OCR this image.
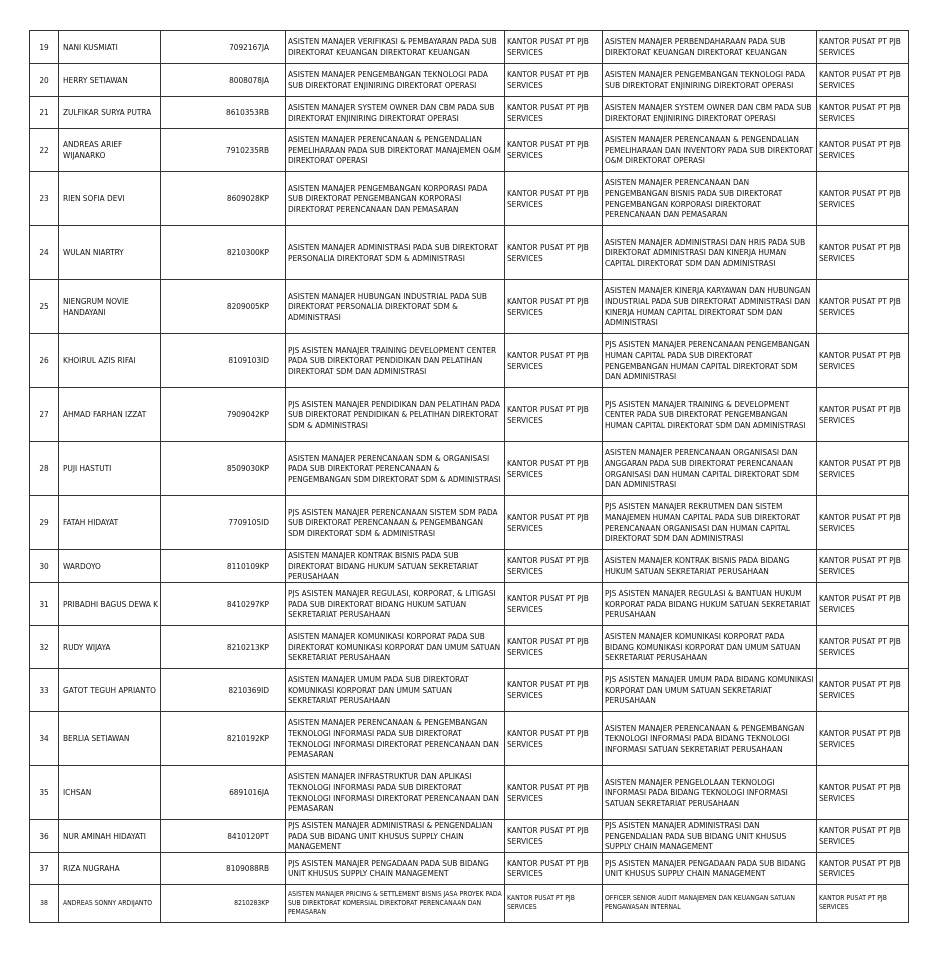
19	NANI KUSMIATI	7092167JA	ASISTEN MANAJER VERIFIKASI & PEMBAYARAN PADA SUB DIREKTORAT KEUANGAN DIREKTORAT KEUANGAN	KANTOR PUSAT PT PJB SERVICES	ASISTEN MANAJER PERBENDAHARAAN PADA SUB DIREKTORAT KEUANGAN DIREKTORAT KEUANGAN	KANTOR PUSAT PT PJB SERVICES
20	HERRY SETIAWAN	8008078JA	ASISTEN MANAJER PENGEMBANGAN TEKNOLOGI PADA SUB DIREKTORAT ENJINIRING DIREKTORAT OPERASI	KANTOR PUSAT PT PJB SERVICES	ASISTEN MANAJER PENGEMBANGAN TEKNOLOGI PADA SUB DIREKTORAT ENJINIRING DIREKTORAT OPERASI	KANTOR PUSAT PT PJB SERVICES
21	ZULFIKAR SURYA PUTRA	8610353RB	ASISTEN MANAJER SYSTEM OWNER DAN CBM PADA SUB DIREKTORAT ENJINIRING DIREKTORAT OPERASI	KANTOR PUSAT PT PJB SERVICES	ASISTEN MANAJER SYSTEM OWNER DAN CBM PADA SUB DIREKTORAT ENJINIRING DIREKTORAT OPERASI	KANTOR PUSAT PT PJB SERVICES
22	ANDREAS ARIEF WIJANARKO	7910235RB	ASISTEN MANAJER PERENCANAAN & PENGENDALIAN PEMELIHARAAN PADA SUB DIREKTORAT MANAJEMEN O&M DIREKTORAT OPERASI	KANTOR PUSAT PT PJB SERVICES	ASISTEN MANAJER PERENCANAAN & PENGENDALIAN PEMELIHARAAN DAN INVENTORY PADA SUB DIREKTORAT O&M DIREKTORAT OPERASI	KANTOR PUSAT PT PJB SERVICES
23	RIEN SOFIA DEVI	8609028KP	ASISTEN MANAJER PENGEMBANGAN KORPORASI PADA SUB DIREKTORAT PENGEMBANGAN KORPORASI DIREKTORAT PERENCANAAN DAN PEMASARAN	KANTOR PUSAT PT PJB SERVICES	ASISTEN MANAJER PERENCANAAN DAN PENGEMBANGAN BISNIS PADA SUB DIREKTORAT PENGEMBANGAN KORPORASI DIREKTORAT PERENCANAAN DAN PEMASARAN	KANTOR PUSAT PT PJB SERVICES
24	WULAN NIARTRY	8210300KP	ASISTEN MANAJER ADMINISTRASI PADA SUB DIREKTORAT PERSONALIA DIREKTORAT SDM & ADMINISTRASI	KANTOR PUSAT PT PJB SERVICES	ASISTEN MANAJER ADMINISTRASI DAN HRIS PADA SUB DIREKTORAT ADMINISTRASI DAN KINERJA HUMAN CAPITAL DIREKTORAT SDM DAN ADMINISTRASI	KANTOR PUSAT PT PJB SERVICES
25	NIENGRUM NOVIE HANDAYANI	8209005KP	ASISTEN MANAJER HUBUNGAN INDUSTRIAL PADA SUB DIREKTORAT PERSONALIA DIREKTORAT SDM & ADMINISTRASI	KANTOR PUSAT PT PJB SERVICES	ASISTEN MANAJER KINERJA KARYAWAN DAN HUBUNGAN INDUSTRIAL PADA SUB DIREKTORAT ADMINISTRASI DAN KINERJA HUMAN CAPITAL DIREKTORAT SDM DAN ADMINISTRASI	KANTOR PUSAT PT PJB SERVICES
26	KHOIRUL AZIS RIFAI	8109103ID	PJS ASISTEN MANAJER TRAINING DEVELOPMENT CENTER PADA SUB DIREKTORAT PENDIDIKAN DAN PELATIHAN DIREKTORAT SDM DAN ADMINISTRASI	KANTOR PUSAT PT PJB SERVICES	PJS ASISTEN MANAJER PERENCANAAN PENGEMBANGAN HUMAN CAPITAL PADA SUB DIREKTORAT PENGEMBANGAN HUMAN CAPITAL DIREKTORAT SDM DAN ADMINISTRASI	KANTOR PUSAT PT PJB SERVICES
27	AHMAD FARHAN IZZAT	7909042KP	PJS ASISTEN MANAJER PENDIDIKAN DAN PELATIHAN PADA SUB DIREKTORAT PENDIDIKAN & PELATIHAN DIREKTORAT SDM & ADMINISTRASI	KANTOR PUSAT PT PJB SERVICES	PJS ASISTEN MANAJER TRAINING & DEVELOPMENT CENTER PADA SUB DIREKTORAT PENGEMBANGAN HUMAN CAPITAL DIREKTORAT SDM DAN ADMINISTRASI	KANTOR PUSAT PT PJB SERVICES
28	PUJI HASTUTI	8509030KP	ASISTEN MANAJER PERENCANAAN SDM & ORGANISASI PADA SUB DIREKTORAT PERENCANAAN & PENGEMBANGAN SDM DIREKTORAT SDM & ADMINISTRASI	KANTOR PUSAT PT PJB SERVICES	ASISTEN MANAJER PERENCANAAN ORGANISASI DAN ANGGARAN PADA SUB DIREKTORAT PERENCANAAN ORGANISASI DAN HUMAN CAPITAL DIREKTORAT SDM DAN ADMINISTRASI	KANTOR PUSAT PT PJB SERVICES
29	FATAH HIDAYAT	7709105ID	PJS ASISTEN MANAJER PERENCANAAN SISTEM SDM PADA SUB DIREKTORAT PERENCANAAN & PENGEMBANGAN SDM DIREKTORAT SDM & ADMINISTRASI	KANTOR PUSAT PT PJB SERVICES	PJS ASISTEN MANAJER REKRUTMEN DAN SISTEM MANAJEMEN HUMAN CAPITAL PADA SUB DIREKTORAT PERENCANAAN ORGANISASI DAN HUMAN CAPITAL DIREKTORAT SDM DAN ADMINISTRASI	KANTOR PUSAT PT PJB SERVICES
30	WARDOYO	8110109KP	ASISTEN MANAJER KONTRAK BISNIS PADA SUB DIREKTORAT BIDANG HUKUM SATUAN SEKRETARIAT PERUSAHAAN	KANTOR PUSAT PT PJB SERVICES	ASISTEN MANAJER KONTRAK BISNIS PADA BIDANG HUKUM SATUAN SEKRETARIAT PERUSAHAAN	KANTOR PUSAT PT PJB SERVICES
31	PRIBADHI BAGUS DEWA K	8410297KP	PJS ASISTEN MANAJER REGULASI, KORPORAT, & LITIGASI PADA SUB DIREKTORAT BIDANG HUKUM SATUAN SEKRETARIAT PERUSAHAAN	KANTOR PUSAT PT PJB SERVICES	PJS ASISTEN MANAJER REGULASI & BANTUAN HUKUM KORPORAT PADA BIDANG HUKUM SATUAN SEKRETARIAT PERUSAHAAN	KANTOR PUSAT PT PJB SERVICES
32	RUDY WIJAYA	8210213KP	ASISTEN MANAJER KOMUNIKASI KORPORAT PADA SUB DIREKTORAT KOMUNIKASI KORPORAT DAN UMUM SATUAN SEKRETARIAT PERUSAHAAN	KANTOR PUSAT PT PJB SERVICES	ASISTEN MANAJER KOMUNIKASI KORPORAT PADA BIDANG KOMUNIKASI KORPORAT DAN UMUM SATUAN SEKRETARIAT PERUSAHAAN	KANTOR PUSAT PT PJB SERVICES
33	GATOT TEGUH APRIANTO	8210369ID	ASISTEN MANAJER UMUM PADA SUB DIREKTORAT KOMUNIKASI KORPORAT DAN UMUM SATUAN SEKRETARIAT PERUSAHAAN	KANTOR PUSAT PT PJB SERVICES	PJS ASISTEN MANAJER UMUM PADA BIDANG KOMUNIKASI KORPORAT DAN UMUM SATUAN SEKRETARIAT PERUSAHAAN	KANTOR PUSAT PT PJB SERVICES
34	BERLIA SETIAWAN	8210192KP	ASISTEN MANAJER PERENCANAAN & PENGEMBANGAN TEKNOLOGI INFORMASI PADA SUB DIREKTORAT TEKNOLOGI INFORMASI DIREKTORAT PERENCANAAN DAN PEMASARAN	KANTOR PUSAT PT PJB SERVICES	ASISTEN MANAJER PERENCANAAN & PENGEMBANGAN TEKNOLOGI INFORMASI PADA BIDANG TEKNOLOGI INFORMASI SATUAN SEKRETARIAT PERUSAHAAN	KANTOR PUSAT PT PJB SERVICES
35	ICHSAN	6891016JA	ASISTEN MANAJER INFRASTRUKTUR DAN APLIKASI TEKNOLOGI INFORMASI PADA SUB DIREKTORAT TEKNOLOGI INFORMASI DIREKTORAT PERENCANAAN DAN PEMASARAN	KANTOR PUSAT PT PJB SERVICES	ASISTEN MANAJER PENGELOLAAN TEKNOLOGI INFORMASI PADA BIDANG TEKNOLOGI INFORMASI SATUAN SEKRETARIAT PERUSAHAAN	KANTOR PUSAT PT PJB SERVICES
36	NUR AMINAH HIDAYATI	8410120PT	PJS ASISTEN MANAJER ADMINISTRASI & PENGENDALIAN PADA SUB BIDANG UNIT KHUSUS SUPPLY CHAIN MANAGEMENT	KANTOR PUSAT PT PJB SERVICES	PJS ASISTEN MANAJER ADMINISTRASI DAN PENGENDALIAN PADA SUB BIDANG UNIT KHUSUS SUPPLY CHAIN MANAGEMENT	KANTOR PUSAT PT PJB SERVICES
37	RIZA NUGRAHA	8109088RB	PJS ASISTEN MANAJER PENGADAAN PADA SUB BIDANG UNIT KHUSUS SUPPLY CHAIN MANAGEMENT	KANTOR PUSAT PT PJB SERVICES	PJS ASISTEN MANAJER PENGADAAN PADA SUB BIDANG UNIT KHUSUS SUPPLY CHAIN MANAGEMENT	KANTOR PUSAT PT PJB SERVICES
38	ANDREAS SONNY ARDIJANTO	8210283KP	ASISTEN MANAJER PRICING & SETTLEMENT BISNIS JASA PROYEK PADA SUB DIREKTORAT KOMERSIAL DIREKTORAT PERENCANAAN DAN PEMASARAN	KANTOR PUSAT PT PJB SERVICES	OFFICER SENIOR AUDIT MANAJEMEN DAN KEUANGAN SATUAN PENGAWASAN INTERNAL	KANTOR PUSAT PT PJB SERVICES
